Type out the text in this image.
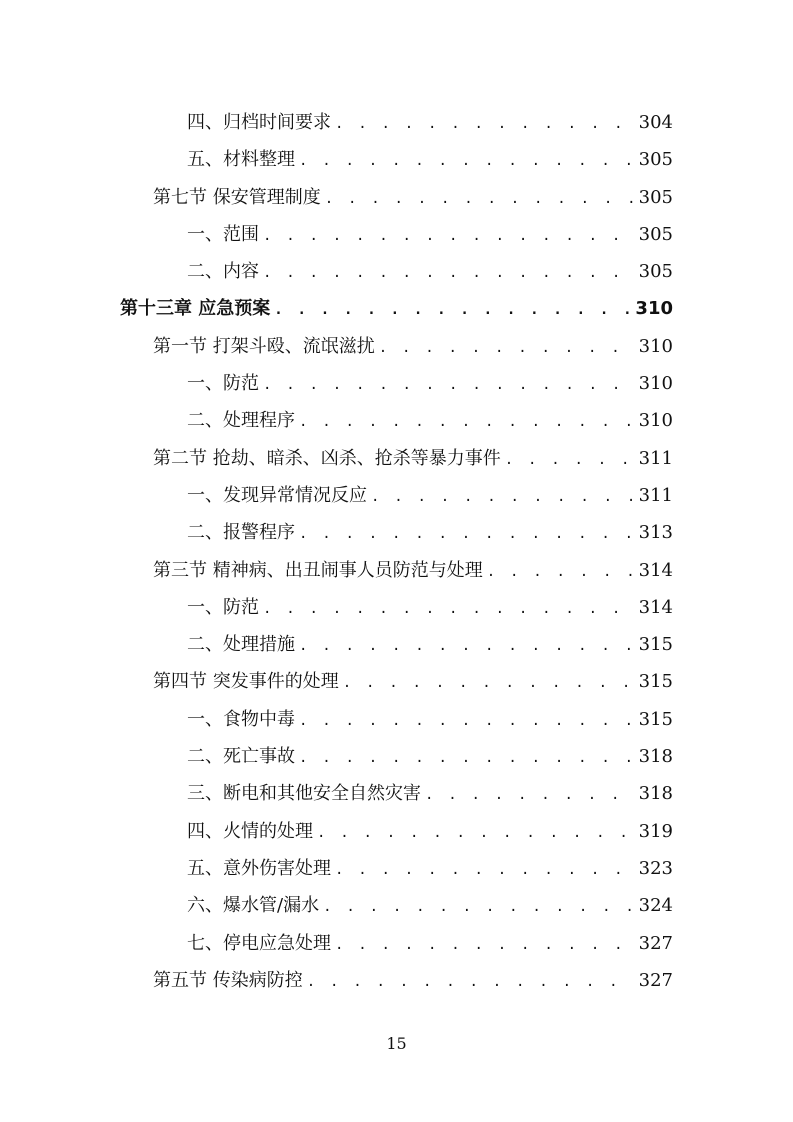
四、归档时间要求 . . .	304
五、材料整理 . . .	305
第七节 保安管理制度 . . .	305
一、范围 . . .	305
二、内容 . . .	305
第十三章 应急预案 . . .	310
第一节 打架斗殴、流氓滋扰 . . .	310
一、防范 . . .	310
二、处理程序 . . .	310
第二节 抢劫、暗杀、凶杀、抢杀等暴力事件 . . .	311
一、发现异常情况反应 . . .	311
二、报警程序 . . .	313
第三节 精神病、出丑闹事人员防范与处理 . . .	314
一、防范 . . .	314
二、处理措施 . . .	315
第四节 突发事件的处理 . . .	315
一、食物中毒 . . .	315
二、死亡事故 . . .	318
三、断电和其他安全自然灾害 . . .	318
四、火情的处理 . . .	319
五、意外伤害处理 . . .	323
六、爆水管/漏水 . . .	324
七、停电应急处理 . . .	327
第五节 传染病防控 . . .	327
15
